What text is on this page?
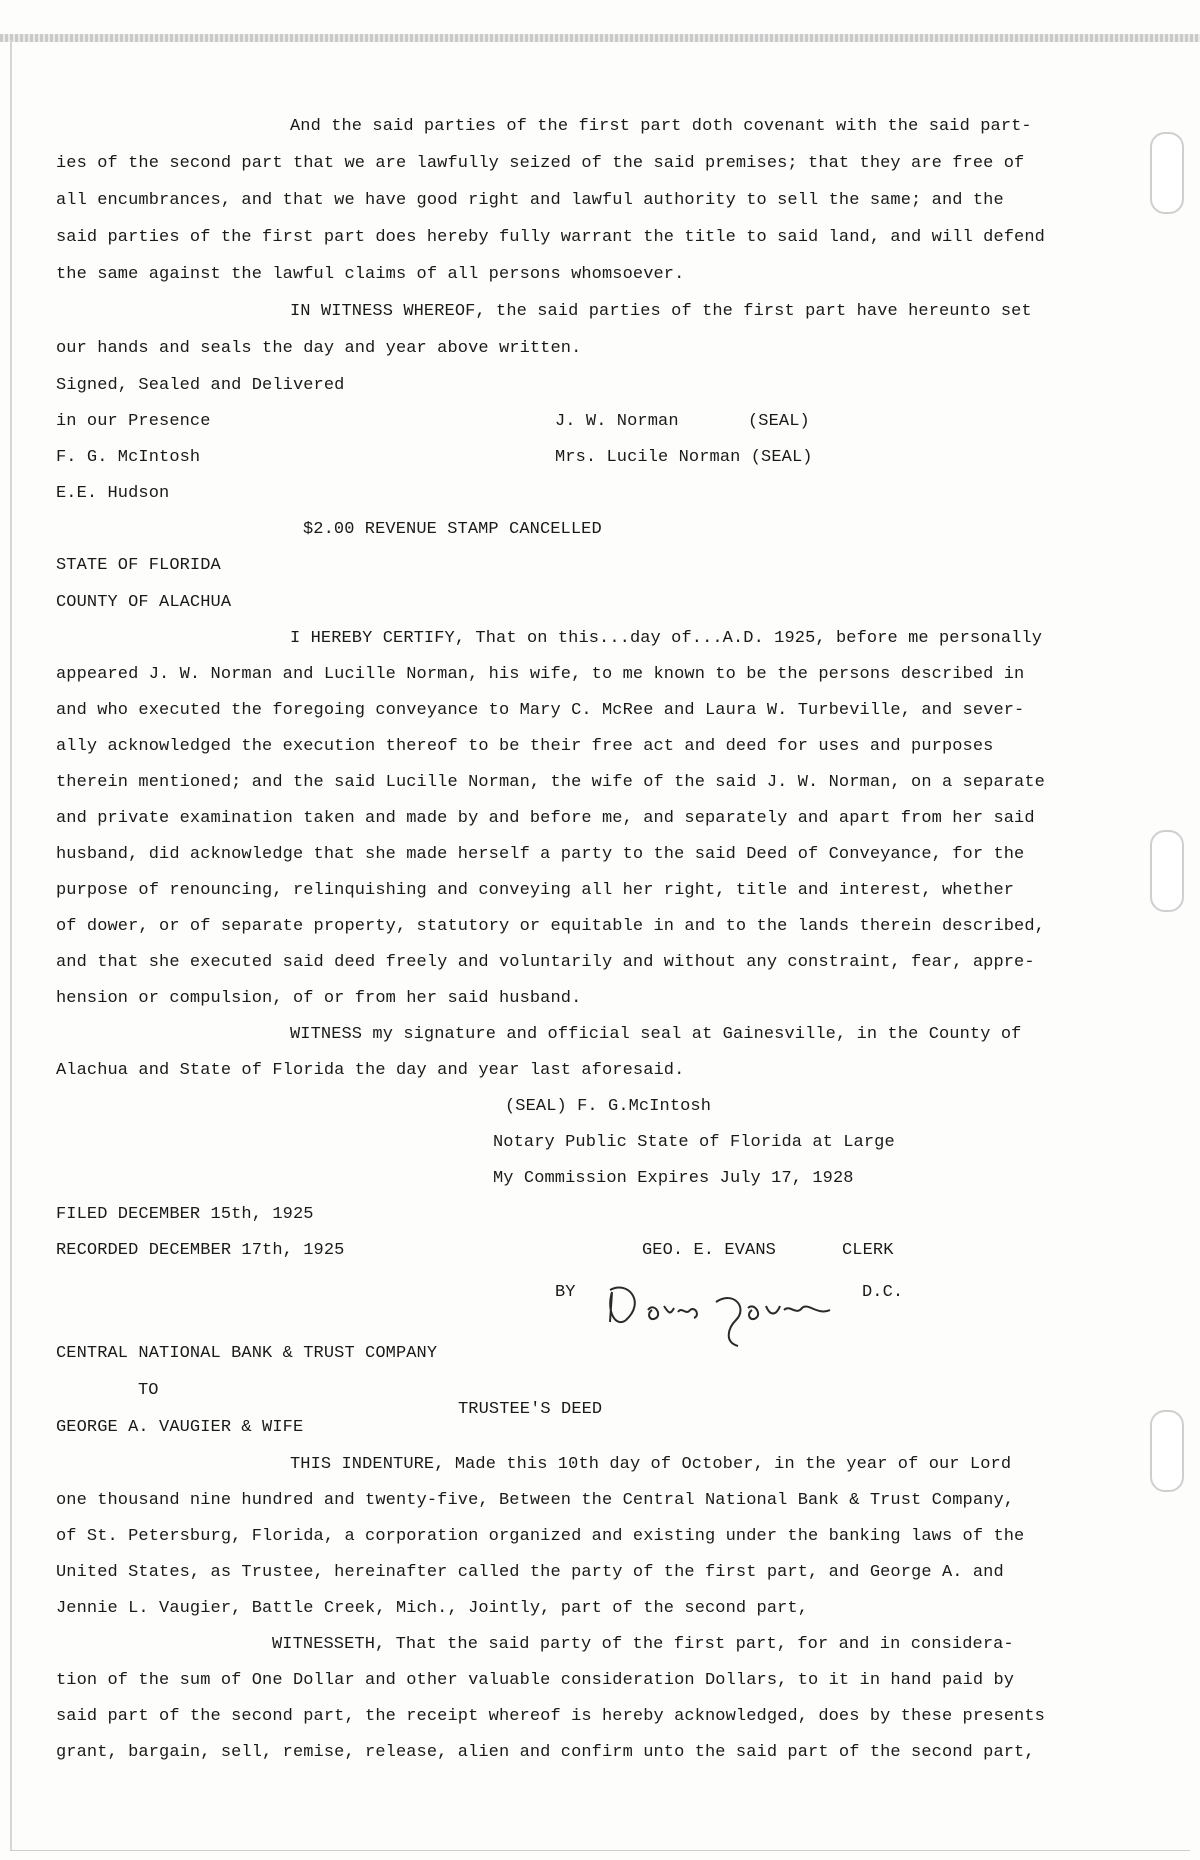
And the said parties of the first part doth covenant with the said part-
ies of the second part that we are lawfully seized of the said premises; that they are free of
all encumbrances, and that we have good right and lawful authority to sell the same; and the
said parties of the first part does hereby fully warrant the title to said land, and will defend
the same against the lawful claims of all persons whomsoever.
IN WITNESS WHEREOF, the said parties of the first part have hereunto set
our hands and seals the day and year above written.
Signed, Sealed and Delivered
in our Presence	J. W. Norman	(SEAL)
F. G. McIntosh	Mrs. Lucile Norman (SEAL)
E.E. Hudson
$2.00 REVENUE STAMP CANCELLED
STATE OF FLORIDA
COUNTY OF ALACHUA
I HEREBY CERTIFY, That on this...day of...A.D. 1925, before me personally
appeared J. W. Norman and Lucille Norman, his wife, to me known to be the persons described in
and who executed the foregoing conveyance to Mary C. McRee and Laura W. Turbeville, and sever-
ally acknowledged the execution thereof to be their free act and deed for uses and purposes
therein mentioned; and the said Lucille Norman, the wife of the said J. W. Norman, on a separate
and private examination taken and made by and before me, and separately and apart from her said
husband, did acknowledge that she made herself a party to the said Deed of Conveyance, for the
purpose of renouncing, relinquishing and conveying all her right, title and interest, whether
of dower, or of separate property, statutory or equitable in and to the lands therein described,
and that she executed said deed freely and voluntarily and without any constraint, fear, appre-
hension or compulsion, of or from her said husband.
WITNESS my signature and official seal at Gainesville, in the County of
Alachua and State of Florida the day and year last aforesaid.
(SEAL) F. G.McIntosh
Notary Public State of Florida at Large
My Commission Expires July 17, 1928
FILED DECEMBER 15th, 1925
RECORDED DECEMBER 17th, 1925	GEO. E. EVANS	CLERK
BY	D.C.
CENTRAL NATIONAL BANK & TRUST COMPANY
TO
TRUSTEE'S DEED
GEORGE A. VAUGIER & WIFE
THIS INDENTURE, Made this 10th day of October, in the year of our Lord
one thousand nine hundred and twenty-five, Between the Central National Bank & Trust Company,
of St. Petersburg, Florida, a corporation organized and existing under the banking laws of the
United States, as Trustee, hereinafter called the party of the first part, and George A. and
Jennie L. Vaugier, Battle Creek, Mich., Jointly, part of the second part,
WITNESSETH, That the said party of the first part, for and in considera-
tion of the sum of One Dollar and other valuable consideration Dollars, to it in hand paid by
said part of the second part, the receipt whereof is hereby acknowledged, does by these presents
grant, bargain, sell, remise, release, alien and confirm unto the said part of the second part,
